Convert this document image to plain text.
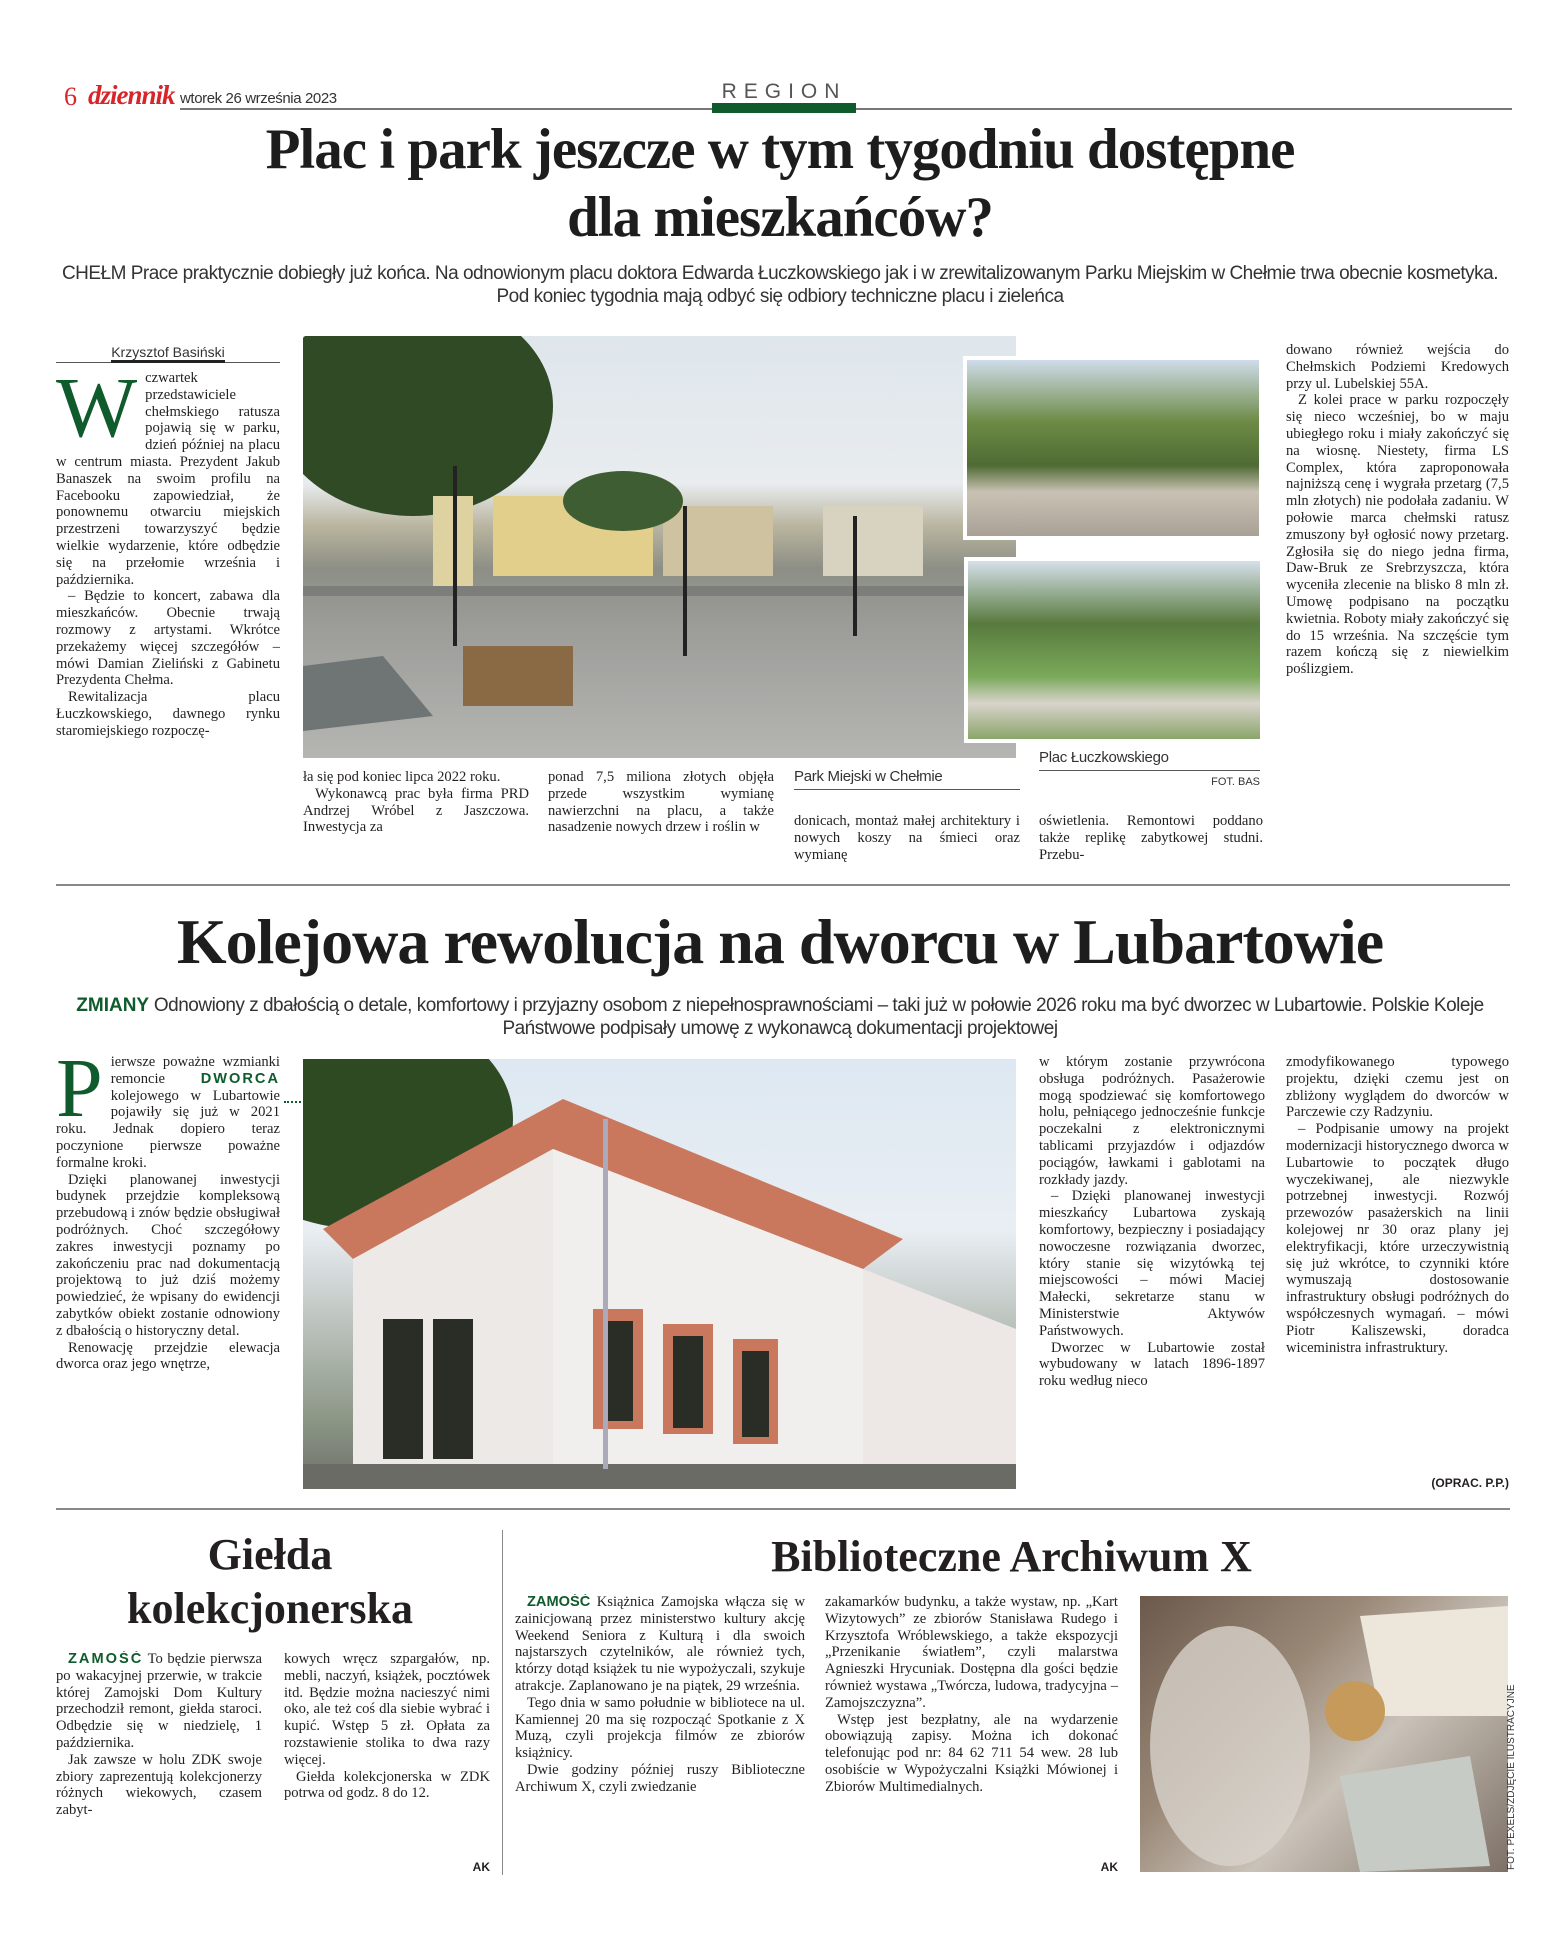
6 dziennik wtorek 26 września 2023	REGION
Plac i park jeszcze w tym tygodniu dostępne
dla mieszkańców?
CHEŁM Prace praktycznie dobiegły już końca. Na odnowionym placu doktora Edwarda Łuczkowskiego jak i w zrewitalizowanym Parku Miejskim w Chełmie trwa obecnie kosmetyka. Pod koniec tygodnia mają odbyć się odbiory techniczne placu i zieleńca
Krzysztof Basiński
W czwartek przedstawiciele chełmskiego ratusza pojawią się w parku, dzień później na placu w centrum miasta. Prezydent Jakub Banaszek na swoim profilu na Facebooku zapowiedział, że ponownemu otwarciu miejskich przestrzeni towarzyszyć będzie wielkie wydarzenie, które odbędzie się na przełomie września i października.

– Będzie to koncert, zabawa dla mieszkańców. Obecnie trwają rozmowy z artystami. Wkrótce przekażemy więcej szczegółów – mówi Damian Zieliński z Gabinetu Prezydenta Chełma.

Rewitalizacja placu Łuczkowskiego, dawnego rynku staromiejskiego rozpoczę-

Plac Łuczkowskiego
FOT. BAS
Park Miejski w Chełmie

ła się pod koniec lipca 2022 roku.

Wykonawcą prac była firma PRD Andrzej Wróbel z Jaszczowa. Inwestycja za

ponad 7,5 miliona złotych objęła przede wszystkim wymianę nawierzchni na placu, a także nasadzenie nowych drzew i roślin w	donicach, montaż małej architektury i nowych koszy na śmieci oraz wymianę

oświetlenia. Remontowi poddano także replikę zabytkowej studni. Przebu-

dowano również wejścia do Chełmskich Podziemi Kredowych przy ul. Lubelskiej 55A.

Z kolei prace w parku rozpoczęły się nieco wcześniej, bo w maju ubiegłego roku i miały zakończyć się na wiosnę. Niestety, firma LS Complex, która zaproponowała najniższą cenę i wygrała przetarg (7,5 mln złotych) nie podołała zadaniu. W połowie marca chełmski ratusz zmuszony był ogłosić nowy przetarg. Zgłosiła się do niego jedna firma, Daw-Bruk ze Srebrzyszcza, która wyceniła zlecenie na blisko 8 mln zł. Umowę podpisano na początku kwietnia. Roboty miały zakończyć się do 15 września. Na szczęście tym razem kończą się z niewielkim poślizgiem.

Kolejowa rewolucja na dworcu w Lubartowie
ZMIANY Odnowiony z dbałością o detale, komfortowy i przyjazny osobom z niepełnosprawnościami – taki już w połowie 2026 roku ma być dworzec w Lubartowie. Polskie Koleje Państwowe podpisały umowę z wykonawcą dokumentacji projektowej
P ierwsze poważne wzmianki remoncie DWORCA kolejowego w Lubartowie pojawiły się już w 2021 roku. Jednak dopiero teraz poczynione pierwsze poważne formalne kroki.

Dzięki planowanej inwestycji budynek przejdzie kompleksową przebudową i znów będzie obsługiwał podróżnych. Choć szczegółowy zakres inwestycji poznamy po zakończeniu prac nad dokumentacją projektową to już dziś możemy powiedzieć, że wpisany do ewidencji zabytków obiekt zostanie odnowiony z dbałością o historyczny detal.

Renowację przejdzie elewacja dworca oraz jego wnętrze,

w którym zostanie przywrócona obsługa podróżnych. Pasażerowie mogą spodziewać się komfortowego holu, pełniącego jednocześnie funkcje poczekalni z elektronicznymi tablicami przyjazdów i odjazdów pociągów, ławkami i gablotami na rozkłady jazdy.

– Dzięki planowanej inwestycji mieszkańcy Lubartowa zyskają komfortowy, bezpieczny i posiadający nowoczesne rozwiązania dworzec, który stanie się wizytówką tej miejscowości – mówi Maciej Małecki, sekretarze stanu w Ministerstwie Aktywów Państwowych.

Dworzec w Lubartowie został wybudowany w latach 1896-1897 roku według nieco

zmodyfikowanego typowego projektu, dzięki czemu jest on zbliżony wyglądem do dworców w Parczewie czy Radzyniu.

– Podpisanie umowy na projekt modernizacji historycznego dworca w Lubartowie to początek długo wyczekiwanej, ale niezwykle potrzebnej inwestycji. Rozwój przewozów pasażerskich na linii kolejowej nr 30 oraz plany jej elektryfikacji, które urzeczywistnią się już wkrótce, to czynniki które wymuszają dostosowanie infrastruktury obsługi podróżnych do współczesnych wymagań. – mówi Piotr Kaliszewski, doradca wiceministra infrastruktury.

(OPRAC. P.P.)
Giełda kolekcjonerska

ZAMOŚĆ To będzie pierwsza po wakacyjnej przerwie, w trakcie której Zamojski Dom Kultury przechodził remont, giełda staroci. Odbędzie się w niedzielę, 1 października.

Jak zawsze w holu ZDK swoje zbiory zaprezentują kolekcjonerzy różnych wiekowych, czasem zabyt-

kowych wręcz szpargałów, np. mebli, naczyń, książek, pocztówek itd. Będzie można nacieszyć nimi oko, ale też coś dla siebie wybrać i kupić. Wstęp 5 zł. Opłata za rozstawienie stolika to dwa razy więcej.

Giełda kolekcjonerska w ZDK potrwa od godz. 8 do 12.

AK
Biblioteczne Archiwum X

ZAMOŚĆ Książnica Zamojska włącza się w zainicjowaną przez ministerstwo kultury akcję Weekend Seniora z Kulturą i dla swoich najstarszych czytelników, ale również tych, którzy dotąd książek tu nie wypożyczali, szykuje atrakcje. Zaplanowano je na piątek, 29 września.

Tego dnia w samo południe w bibliotece na ul. Kamiennej 20 ma się rozpocząć Spotkanie z X Muzą, czyli projekcja filmów ze zbiorów książnicy.

Dwie godziny później ruszy Biblioteczne Archiwum X, czyli zwiedzanie

zakamarków budynku, a także wystaw, np. „Kart Wizytowych” ze zbiorów Stanisława Rudego i Krzysztofa Wróblewskiego, a także ekspozycji „Przenikanie światłem”, czyli malarstwa Agnieszki Hrycuniak. Dostępna dla gości będzie również wystawa „Twórcza, ludowa, tradycyjna – Zamojszczyzna”.

Wstęp jest bezpłatny, ale na wydarzenie obowiązują zapisy. Można ich dokonać telefonując pod nr: 84 62 711 54 wew. 28 lub osobiście w Wypożyczalni Książki Mówionej i Zbiorów Multimedialnych.

AK	FOT. PEXELS/ZDJĘCIE ILUSTRACYJNE
